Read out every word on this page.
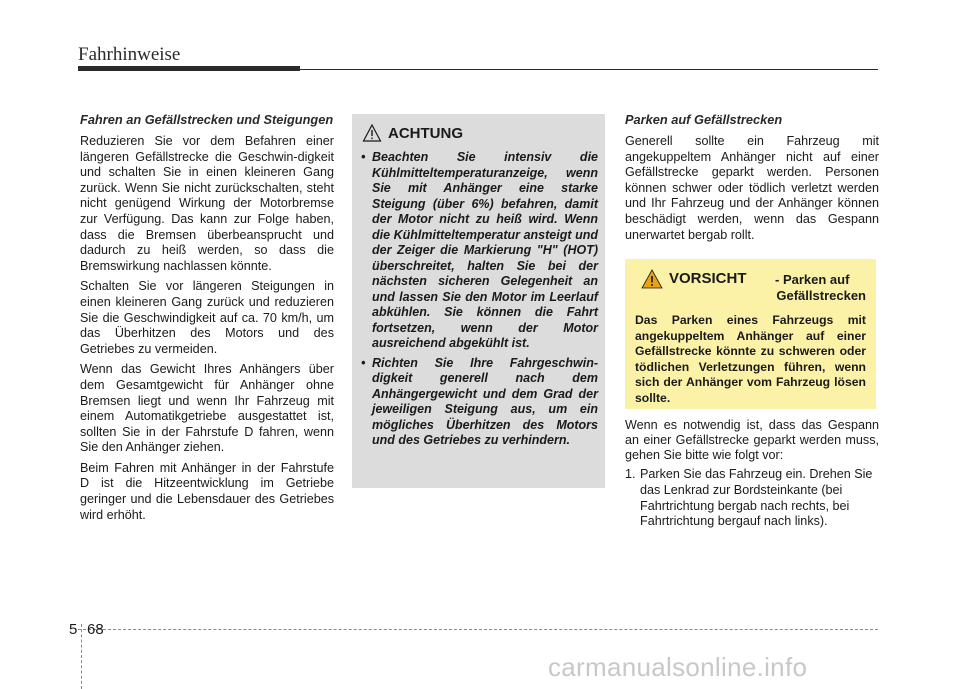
Fahrhinweise

Fahren an Gefällstrecken und Steigungen

Reduzieren Sie vor dem Befahren einer längeren Gefällstrecke die Geschwin-digkeit und schalten Sie in einen kleineren Gang zurück. Wenn Sie nicht zurückschalten, steht nicht genügend Wirkung der Motorbremse zur Verfügung. Das kann zur Folge haben, dass die Bremsen überbeansprucht und dadurch zu heiß werden, so dass die Bremswirkung nachlassen könnte.

Schalten Sie vor längeren Steigungen in einen kleineren Gang zurück und reduzieren Sie die Geschwindigkeit auf ca. 70 km/h, um das Überhitzen des Motors und des Getriebes zu vermeiden.

Wenn das Gewicht Ihres Anhängers über dem Gesamtgewicht für Anhänger ohne Bremsen liegt und wenn Ihr Fahrzeug mit einem Automatikgetriebe ausgestattet ist, sollten Sie in der Fahrstufe D fahren, wenn Sie den Anhänger ziehen.

Beim Fahren mit Anhänger in der Fahrstufe D ist die Hitzeentwicklung im Getriebe geringer und die Lebensdauer des Getriebes wird erhöht.

ACHTUNG
• Beachten Sie intensiv die Kühlmitteltemperaturanzeige, wenn Sie mit Anhänger eine starke Steigung (über 6%) befahren, damit der Motor nicht zu heiß wird. Wenn die Kühlmitteltemperatur ansteigt und der Zeiger die Markierung "H" (HOT) überschreitet, halten Sie bei der nächsten sicheren Gelegenheit an und lassen Sie den Motor im Leerlauf abkühlen. Sie können die Fahrt fortsetzen, wenn der Motor ausreichend abgekühlt ist.
• Richten Sie Ihre Fahrgeschwin-digkeit generell nach dem Anhängergewicht und dem Grad der jeweiligen Steigung aus, um ein mögliches Überhitzen des Motors und des Getriebes zu verhindern.

Parken auf Gefällstrecken

Generell sollte ein Fahrzeug mit angekuppeltem Anhänger nicht auf einer Gefällstrecke geparkt werden. Personen können schwer oder tödlich verletzt werden und Ihr Fahrzeug und der Anhänger können beschädigt werden, wenn das Gespann unerwartet bergab rollt.

VORSICHT - Parken auf
Gefällstrecken
Das Parken eines Fahrzeugs mit angekuppeltem Anhänger auf einer Gefällstrecke könnte zu schweren oder tödlichen Verletzungen führen, wenn sich der Anhänger vom Fahrzeug lösen sollte.

Wenn es notwendig ist, dass das Gespann an einer Gefällstrecke geparkt werden muss, gehen Sie bitte wie folgt vor:

1. Parken Sie das Fahrzeug ein. Drehen Sie das Lenkrad zur Bordsteinkante (bei Fahrtrichtung bergab nach rechts, bei Fahrtrichtung bergauf nach links).
5 68
carmanualsonline.info
